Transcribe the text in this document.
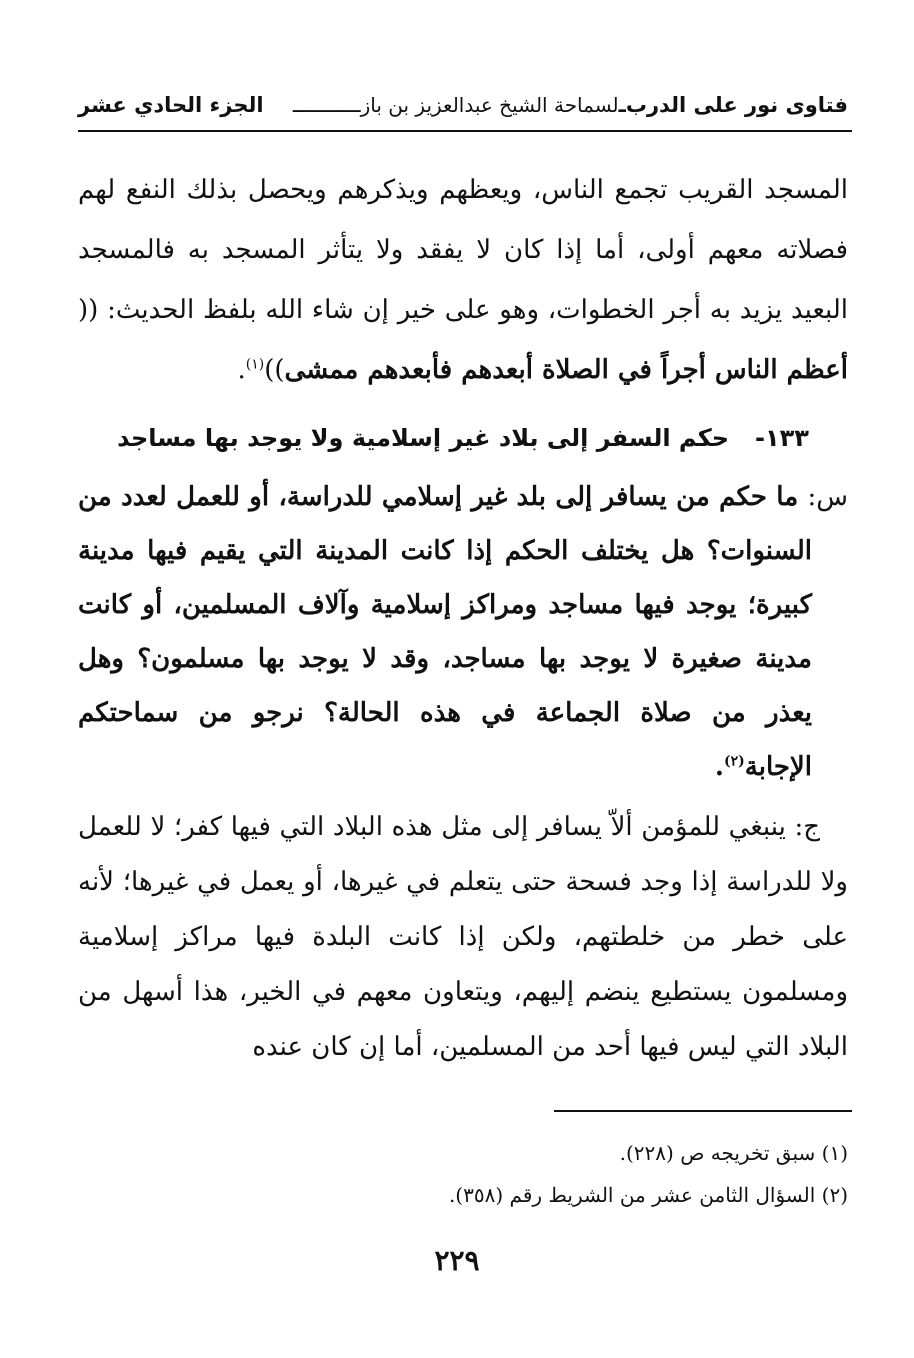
فتاوى نور على الدرب
ـ
لسماحة الشيخ عبدالعزيز بن باز
ـــــــــــ
الجزء الحادي عشر

المسجد القريب تجمع الناس، ويعظهم ويذكرهم ويحصل بذلك النفع لهم فصلاته معهم أولى، أما إذا كان لا يفقد ولا يتأثر المسجد به فالمسجد البعيد يزيد به أجر الخطوات، وهو على خير إن شاء الله بلفظ الحديث: (( أعظم الناس أجراً في الصلاة أبعدهم فأبعدهم ممشى))$^{(١)}$.

١٣٣-حكم السفر إلى بلاد غير إسلامية ولا يوجد بها مساجد

س: ما حكم من يسافر إلى بلد غير إسلامي للدراسة، أو للعمل لعدد من السنوات؟ هل يختلف الحكم إذا كانت المدينة التي يقيم فيها مدينة كبيرة؛ يوجد فيها مساجد ومراكز إسلامية وآلاف المسلمين، أو كانت مدينة صغيرة لا يوجد بها مساجد، وقد لا يوجد بها مسلمون؟ وهل يعذر من صلاة الجماعة في هذه الحالة؟ نرجو من سماحتكم الإجابة$^{(٢)}$.

ج: ينبغي للمؤمن ألاّ يسافر إلى مثل هذه البلاد التي فيها كفر؛ لا للعمل ولا للدراسة إذا وجد فسحة حتى يتعلم في غيرها، أو يعمل في غيرها؛ لأنه على خطر من خلطتهم، ولكن إذا كانت البلدة فيها مراكز إسلامية ومسلمون يستطيع ينضم إليهم، ويتعاون معهم في الخير، هذا أسهل من البلاد التي ليس فيها أحد من المسلمين، أما إن كان عنده

(١) سبق تخريجه ص (٢٢٨).
(٢) السؤال الثامن عشر من الشريط رقم (٣٥٨).
٢٢٩
